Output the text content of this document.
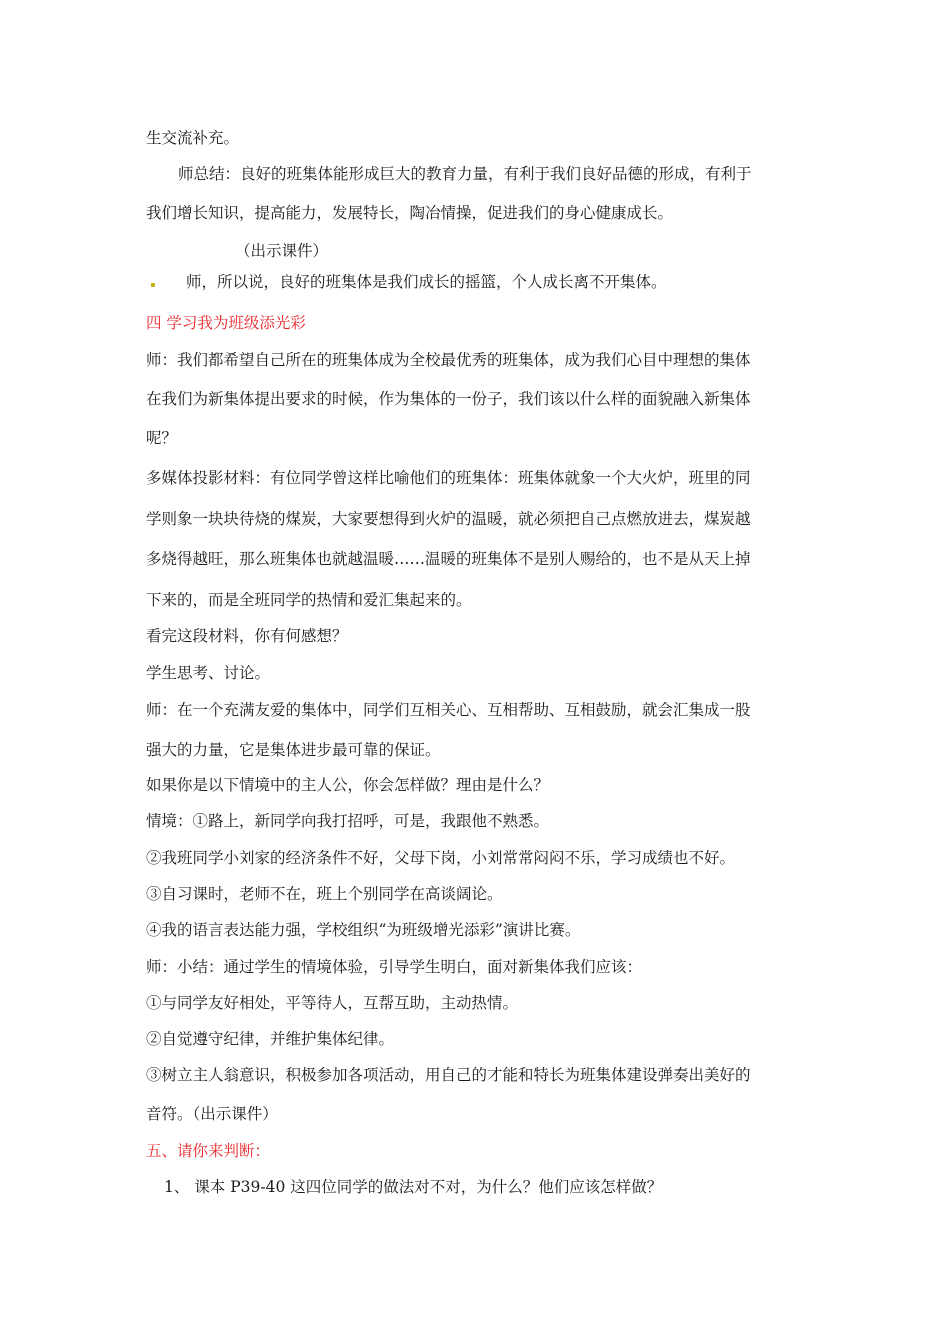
生交流补充。
师总结：良好的班集体能形成巨大的教育力量，有利于我们良好品德的形成，有利于
我们增长知识，提高能力，发展特长，陶冶情操，促进我们的身心健康成长。
（出示课件）
师，所以说，良好的班集体是我们成长的摇篮，个人成长离不开集体。
四 学习我为班级添光彩
师：我们都希望自己所在的班集体成为全校最优秀的班集体，成为我们心目中理想的集体
在我们为新集体提出要求的时候，作为集体的一份子，我们该以什么样的面貌融入新集体
呢？
多媒体投影材料：有位同学曾这样比喻他们的班集体：班集体就象一个大火炉，班里的同
学则象一块块待烧的煤炭，大家要想得到火炉的温暖，就必须把自己点燃放进去，煤炭越
多烧得越旺，那么班集体也就越温暖……温暖的班集体不是别人赐给的，也不是从天上掉
下来的，而是全班同学的热情和爱汇集起来的。
看完这段材料，你有何感想？
学生思考、讨论。
师：在一个充满友爱的集体中，同学们互相关心、互相帮助、互相鼓励，就会汇集成一股
强大的力量，它是集体进步最可靠的保证。
如果你是以下情境中的主人公，你会怎样做？理由是什么？
情境：①路上，新同学向我打招呼，可是，我跟他不熟悉。
②我班同学小刘家的经济条件不好，父母下岗，小刘常常闷闷不乐，学习成绩也不好。
③自习课时，老师不在，班上个别同学在高谈阔论。
④我的语言表达能力强，学校组织“为班级增光添彩”演讲比赛。
师：小结：通过学生的情境体验，引导学生明白，面对新集体我们应该：
①与同学友好相处，平等待人，互帮互助，主动热情。
②自觉遵守纪律，并维护集体纪律。
③树立主人翁意识，积极参加各项活动，用自己的才能和特长为班集体建设弹奏出美好的
音符。（出示课件）
五、请你来判断：
1、 课本 P39-40 这四位同学的做法对不对，为什么？他们应该怎样做？
